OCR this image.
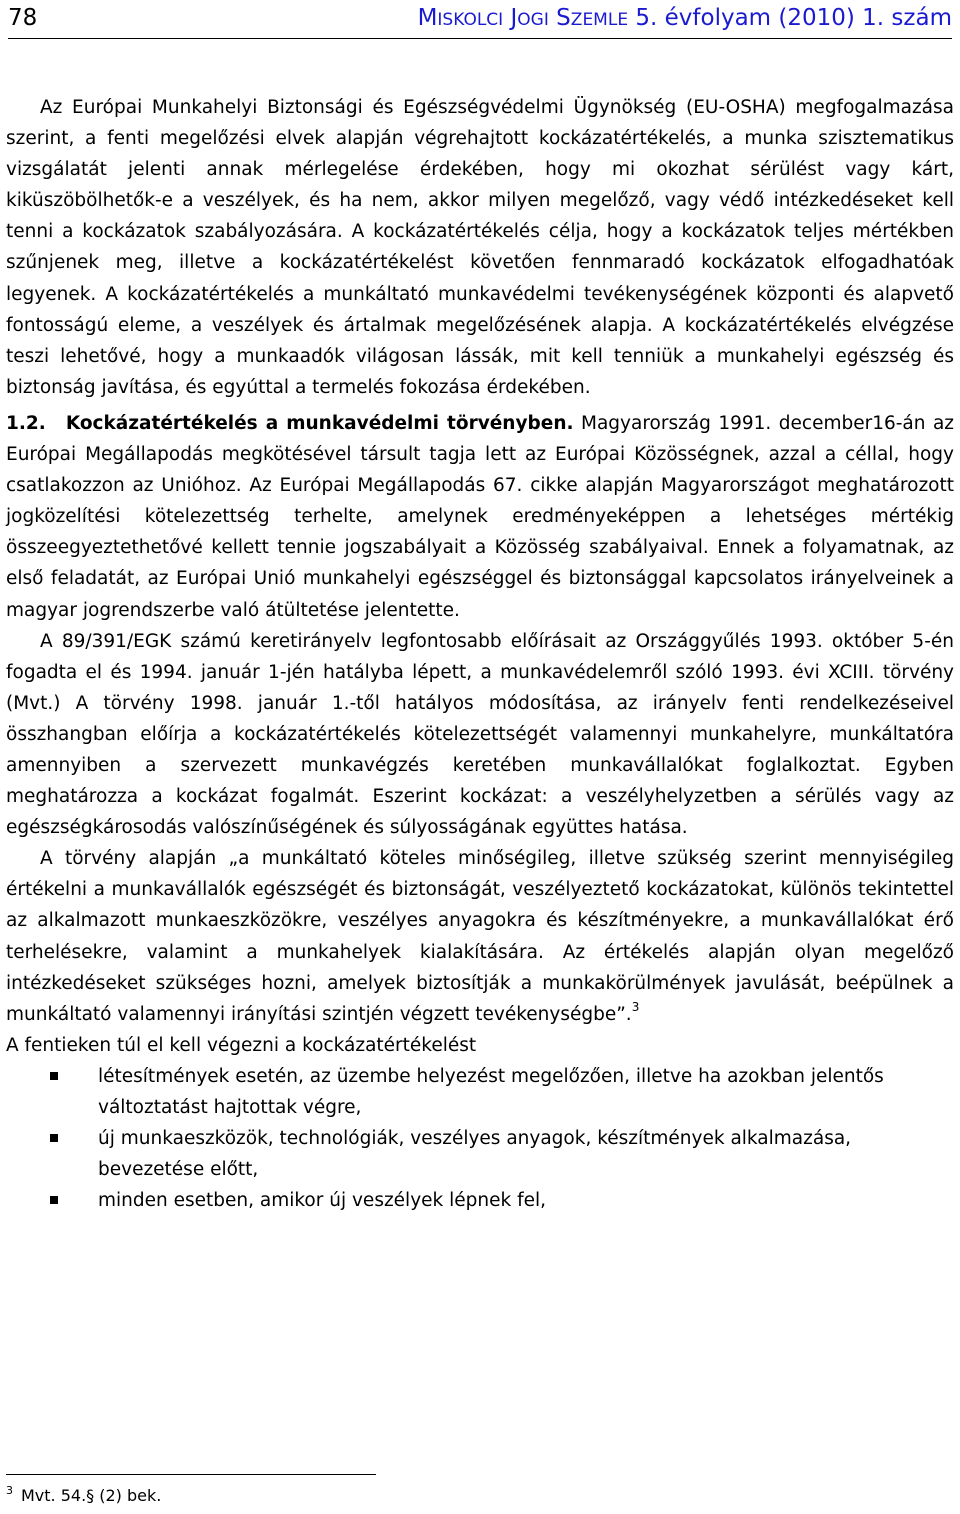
78	MISKOLCI JOGI SZEMLE 5. évfolyam (2010) 1. szám

Az Európai Munkahelyi Biztonsági és Egészségvédelmi Ügynökség (EU-OSHA) megfogalmazása szerint, a fenti megelőzési elvek alapján végrehajtott kockázatértékelés, a munka szisztematikus vizsgálatát jelenti annak mérlegelése érdekében, hogy mi okozhat sérülést vagy kárt, kiküszöbölhetők-e a veszélyek, és ha nem, akkor milyen megelőző, vagy védő intézkedéseket kell tenni a kockázatok szabályozására. A kockázatértékelés célja, hogy a kockázatok teljes mértékben szűnjenek meg, illetve a kockázatértékelést követően fennmaradó kockázatok elfogadhatóak legyenek. A kockázatértékelés a munkáltató munkavédelmi tevékenységének központi és alapvető fontosságú eleme, a veszélyek és ártalmak megelőzésének alapja. A kockázatértékelés elvégzése teszi lehetővé, hogy a munkaadók világosan lássák, mit kell tenniük a munkahelyi egészség és biztonság javítása, és egyúttal a termelés fokozása érdekében.

1.2. Kockázatértékelés a munkavédelmi törvényben. Magyarország 1991. december16-án az Európai Megállapodás megkötésével társult tagja lett az Európai Közösségnek, azzal a céllal, hogy csatlakozzon az Unióhoz. Az Európai Megállapodás 67. cikke alapján Magyarországot meghatározott jogközelítési kötelezettség terhelte, amelynek eredményeképpen a lehetséges mértékig összeegyeztethetővé kellett tennie jogszabályait a Közösség szabályaival. Ennek a folyamatnak, az első feladatát, az Európai Unió munkahelyi egészséggel és biztonsággal kapcsolatos irányelveinek a magyar jogrendszerbe való átültetése jelentette.

A 89/391/EGK számú keretirányelv legfontosabb előírásait az Országgyűlés 1993. október 5-én fogadta el és 1994. január 1-jén hatályba lépett, a munkavédelemről szóló 1993. évi XCIII. törvény (Mvt.) A törvény 1998. január 1.-től hatályos módosítása, az irányelv fenti rendelkezéseivel összhangban előírja a kockázatértékelés kötelezettségét valamennyi munkahelyre, munkáltatóra amennyiben a szervezett munkavégzés keretében munkavállalókat foglalkoztat. Egyben meghatározza a kockázat fogalmát. Eszerint kockázat: a veszélyhelyzetben a sérülés vagy az egészségkárosodás valószínűségének és súlyosságának együttes hatása.

A törvény alapján „a munkáltató köteles minőségileg, illetve szükség szerint mennyiségileg értékelni a munkavállalók egészségét és biztonságát, veszélyeztető kockázatokat, különös tekintettel az alkalmazott munkaeszközökre, veszélyes anyagokra és készítményekre, a munkavállalókat érő terhelésekre, valamint a munkahelyek kialakítására. Az értékelés alapján olyan megelőző intézkedéseket szükséges hozni, amelyek biztosítják a munkakörülmények javulását, beépülnek a munkáltató valamennyi irányítási szintjén végzett tevékenységbe”.$^3$

A fentieken túl el kell végezni a kockázatértékelést

létesítmények esetén, az üzembe helyezést megelőzően, illetve ha azokban jelentős változtatást hajtottak végre,
új munkaeszközök, technológiák, veszélyes anyagok, készítmények alkalmazása, bevezetése előtt,
minden esetben, amikor új veszélyek lépnek fel,
$^3$ Mvt. 54.§ (2) bek.
